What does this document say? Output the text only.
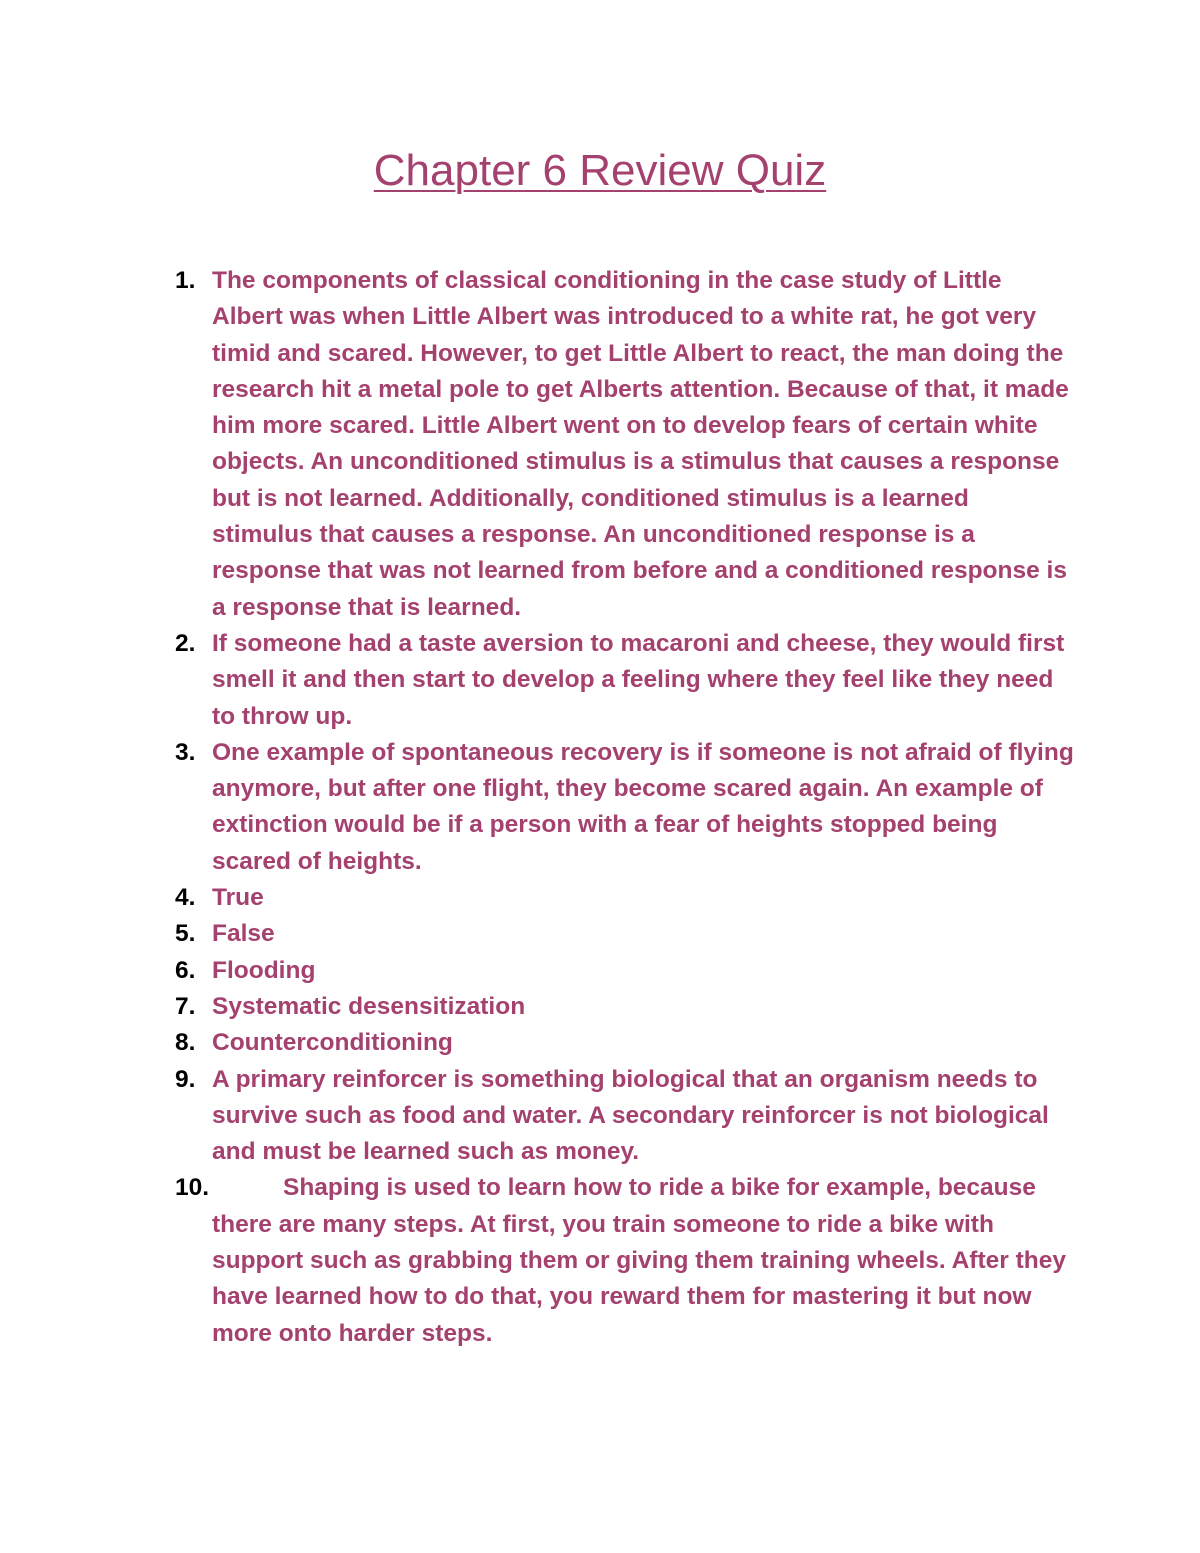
Chapter 6 Review Quiz
1. The components of classical conditioning in the case study of Little Albert was when Little Albert was introduced to a white rat, he got very timid and scared. However, to get Little Albert to react, the man doing the research hit a metal pole to get Alberts attention. Because of that, it made him more scared. Little Albert went on to develop fears of certain white objects. An unconditioned stimulus is a stimulus that causes a response but is not learned. Additionally, conditioned stimulus is a learned stimulus that causes a response. An unconditioned response is a response that was not learned from before and a conditioned response is a response that is learned.
2. If someone had a taste aversion to macaroni and cheese, they would first smell it and then start to develop a feeling where they feel like they need to throw up.
3. One example of spontaneous recovery is if someone is not afraid of flying anymore, but after one flight, they become scared again. An example of extinction would be if a person with a fear of heights stopped being scared of heights.
4. True
5. False
6. Flooding
7. Systematic desensitization
8. Counterconditioning
9. A primary reinforcer is something biological that an organism needs to survive such as food and water. A secondary reinforcer is not biological and must be learned such as money.
10.	Shaping is used to learn how to ride a bike for example, because there are many steps. At first, you train someone to ride a bike with support such as grabbing them or giving them training wheels. After they have learned how to do that, you reward them for mastering it but now more onto harder steps.
